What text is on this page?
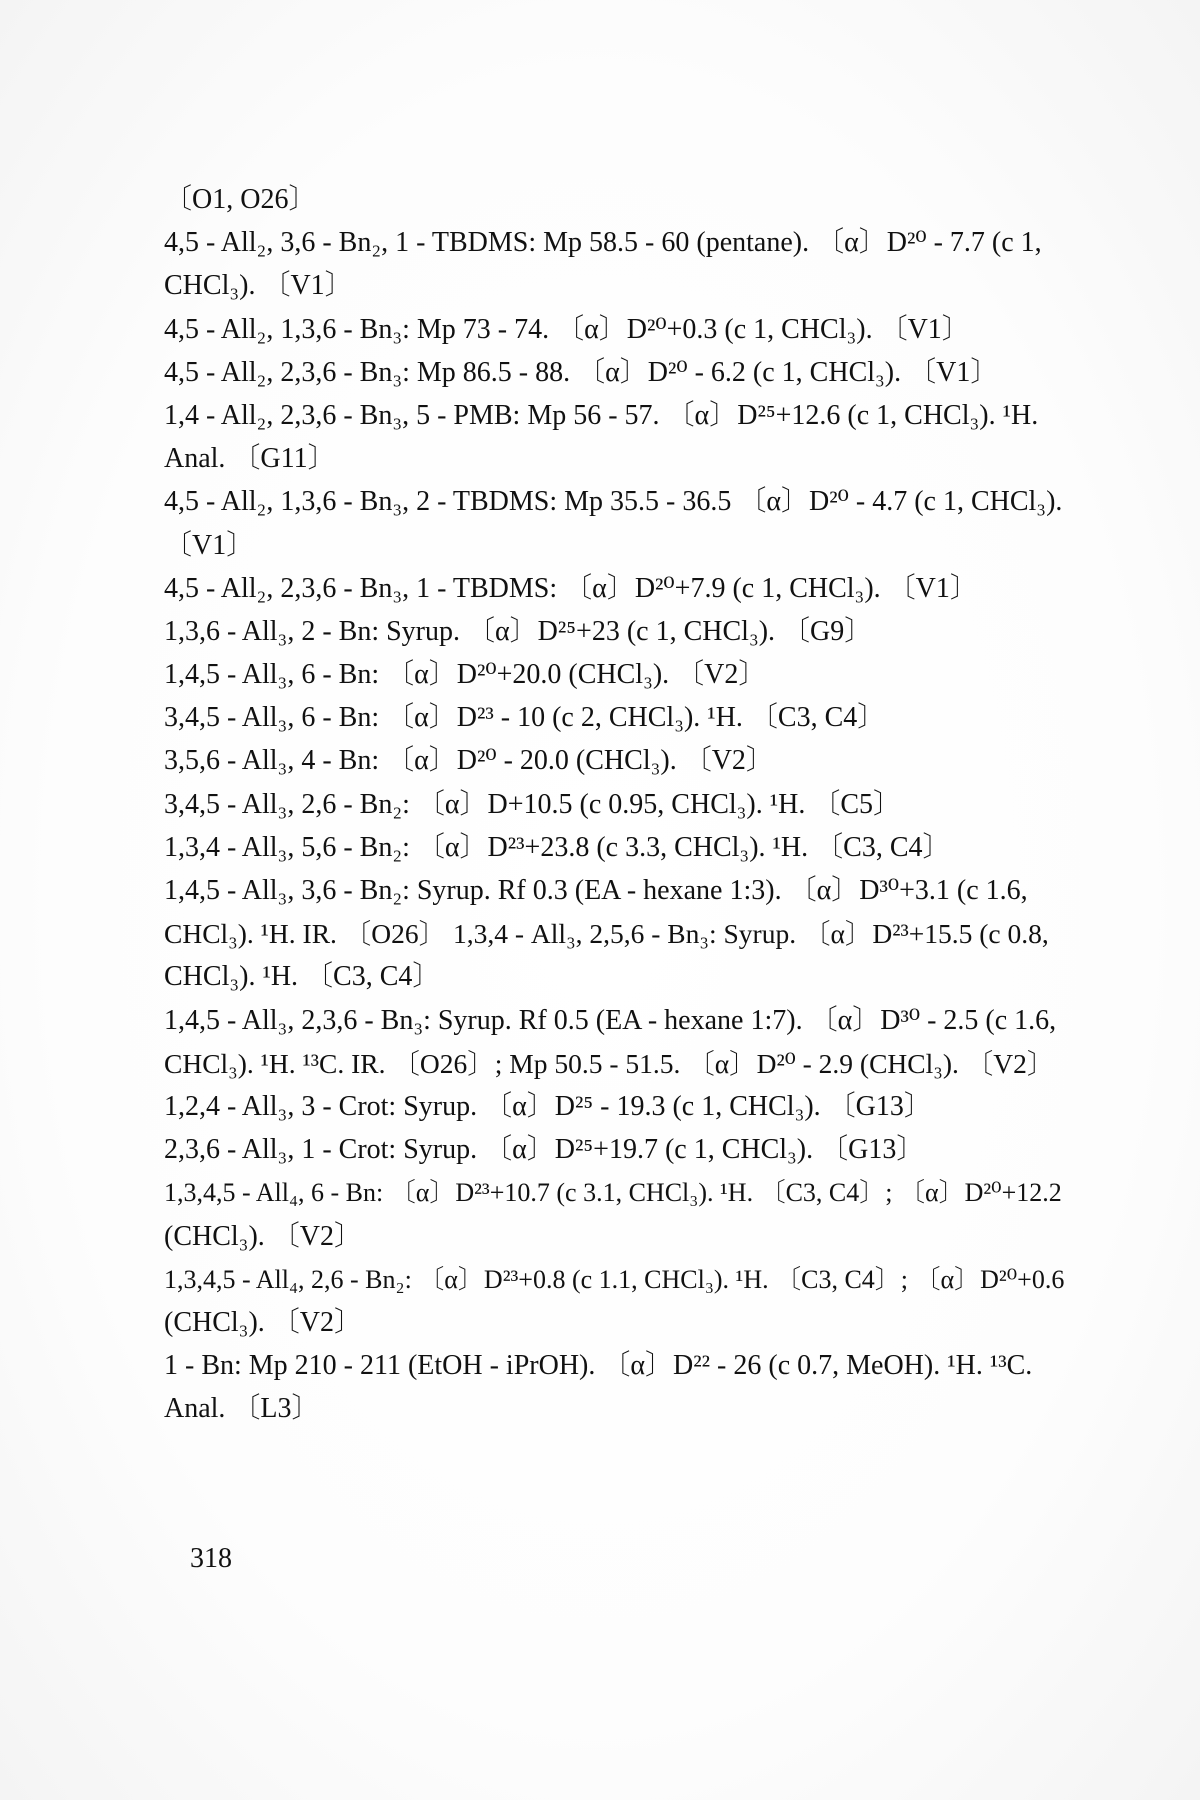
〔O1, O26〕
4,5 - All₂, 3,6 - Bn₂, 1 - TBDMS: Mp 58.5 - 60 (pentane). 〔α〕D²⁰ - 7.7 (c 1,
CHCl₃). 〔V1〕
4,5 - All₂, 1,3,6 - Bn₃: Mp 73 - 74. 〔α〕D²⁰+0.3 (c 1, CHCl₃). 〔V1〕
4,5 - All₂, 2,3,6 - Bn₃: Mp 86.5 - 88. 〔α〕D²⁰ - 6.2 (c 1, CHCl₃). 〔V1〕
1,4 - All₂, 2,3,6 - Bn₃, 5 - PMB: Mp 56 - 57. 〔α〕D²⁵+12.6 (c 1, CHCl₃). ¹H.
Anal. 〔G11〕
4,5 - All₂, 1,3,6 - Bn₃, 2 - TBDMS: Mp 35.5 - 36.5 〔α〕D²⁰ - 4.7 (c 1, CHCl₃).
〔V1〕
4,5 - All₂, 2,3,6 - Bn₃, 1 - TBDMS: 〔α〕D²⁰+7.9 (c 1, CHCl₃). 〔V1〕
1,3,6 - All₃, 2 - Bn: Syrup. 〔α〕D²⁵+23 (c 1, CHCl₃). 〔G9〕
1,4,5 - All₃, 6 - Bn: 〔α〕D²⁰+20.0 (CHCl₃). 〔V2〕
3,4,5 - All₃, 6 - Bn: 〔α〕D²³ - 10 (c 2, CHCl₃). ¹H. 〔C3, C4〕
3,5,6 - All₃, 4 - Bn: 〔α〕D²⁰ - 20.0 (CHCl₃). 〔V2〕
3,4,5 - All₃, 2,6 - Bn₂: 〔α〕D+10.5 (c 0.95, CHCl₃). ¹H. 〔C5〕
1,3,4 - All₃, 5,6 - Bn₂: 〔α〕D²³+23.8 (c 3.3, CHCl₃). ¹H. 〔C3, C4〕
1,4,5 - All₃, 3,6 - Bn₂: Syrup. Rf 0.3 (EA - hexane 1:3). 〔α〕D³⁰+3.1 (c 1.6,
CHCl₃). ¹H. IR. 〔O26〕 1,3,4 - All₃, 2,5,6 - Bn₃: Syrup. 〔α〕D²³+15.5 (c 0.8,
CHCl₃). ¹H. 〔C3, C4〕
1,4,5 - All₃, 2,3,6 - Bn₃: Syrup. Rf 0.5 (EA - hexane 1:7). 〔α〕D³⁰ - 2.5 (c 1.6,
CHCl₃). ¹H. ¹³C. IR. 〔O26〕; Mp 50.5 - 51.5. 〔α〕D²⁰ - 2.9 (CHCl₃). 〔V2〕
1,2,4 - All₃, 3 - Crot: Syrup. 〔α〕D²⁵ - 19.3 (c 1, CHCl₃). 〔G13〕
2,3,6 - All₃, 1 - Crot: Syrup. 〔α〕D²⁵+19.7 (c 1, CHCl₃). 〔G13〕
1,3,4,5 - All₄, 6 - Bn: 〔α〕D²³+10.7 (c 3.1, CHCl₃). ¹H. 〔C3, C4〕; 〔α〕D²⁰+12.2
(CHCl₃). 〔V2〕
1,3,4,5 - All₄, 2,6 - Bn₂: 〔α〕D²³+0.8 (c 1.1, CHCl₃). ¹H. 〔C3, C4〕; 〔α〕D²⁰+0.6
(CHCl₃). 〔V2〕
1 - Bn: Mp 210 - 211 (EtOH - iPrOH). 〔α〕D²² - 26 (c 0.7, MeOH). ¹H. ¹³C.
Anal. 〔L3〕
318
